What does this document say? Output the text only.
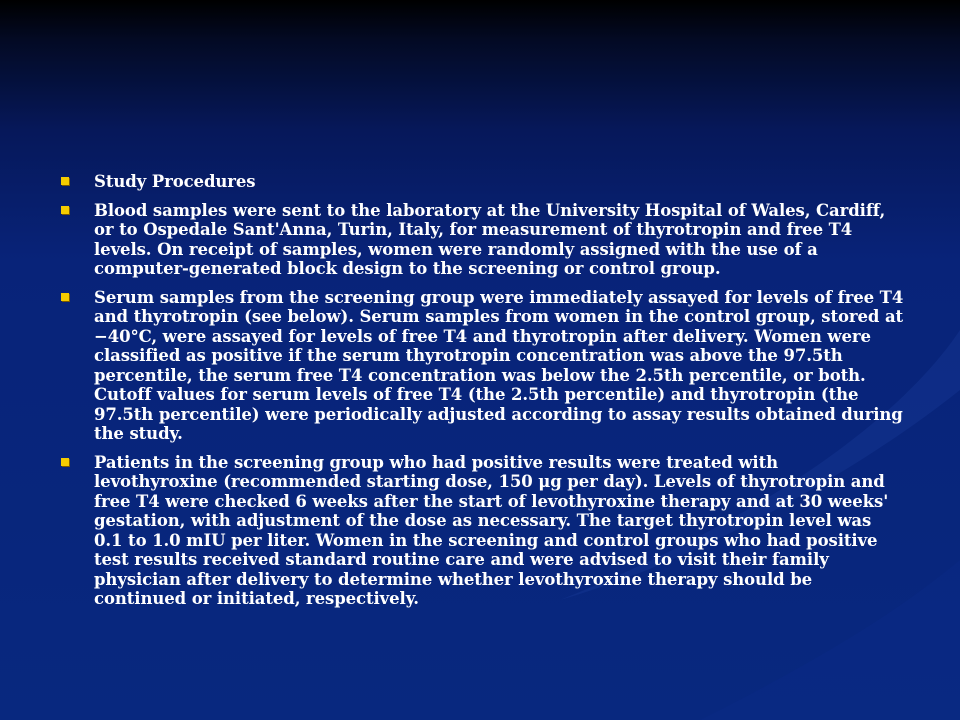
Study Procedures
Blood samples were sent to the laboratory at the University Hospital of Wales, Cardiff, or to Ospedale Sant'Anna, Turin, Italy, for measurement of thyrotropin and free T4 levels. On receipt of samples, women were randomly assigned with the use of a computer-generated block design to the screening or control group.
Serum samples from the screening group were immediately assayed for levels of free T4 and thyrotropin (see below). Serum samples from women in the control group, stored at −40°C, were assayed for levels of free T4 and thyrotropin after delivery. Women were classified as positive if the serum thyrotropin concentration was above the 97.5th percentile, the serum free T4 concentration was below the 2.5th percentile, or both. Cutoff values for serum levels of free T4 (the 2.5th percentile) and thyrotropin (the 97.5th percentile) were periodically adjusted according to assay results obtained during the study.
Patients in the screening group who had positive results were treated with levothyroxine (recommended starting dose, 150 μg per day). Levels of thyrotropin and free T4 were checked 6 weeks after the start of levothyroxine therapy and at 30 weeks' gestation, with adjustment of the dose as necessary. The target thyrotropin level was 0.1 to 1.0 mIU per liter. Women in the screening and control groups who had positive test results received standard routine care and were advised to visit their family physician after delivery to determine whether levothyroxine therapy should be continued or initiated, respectively.
